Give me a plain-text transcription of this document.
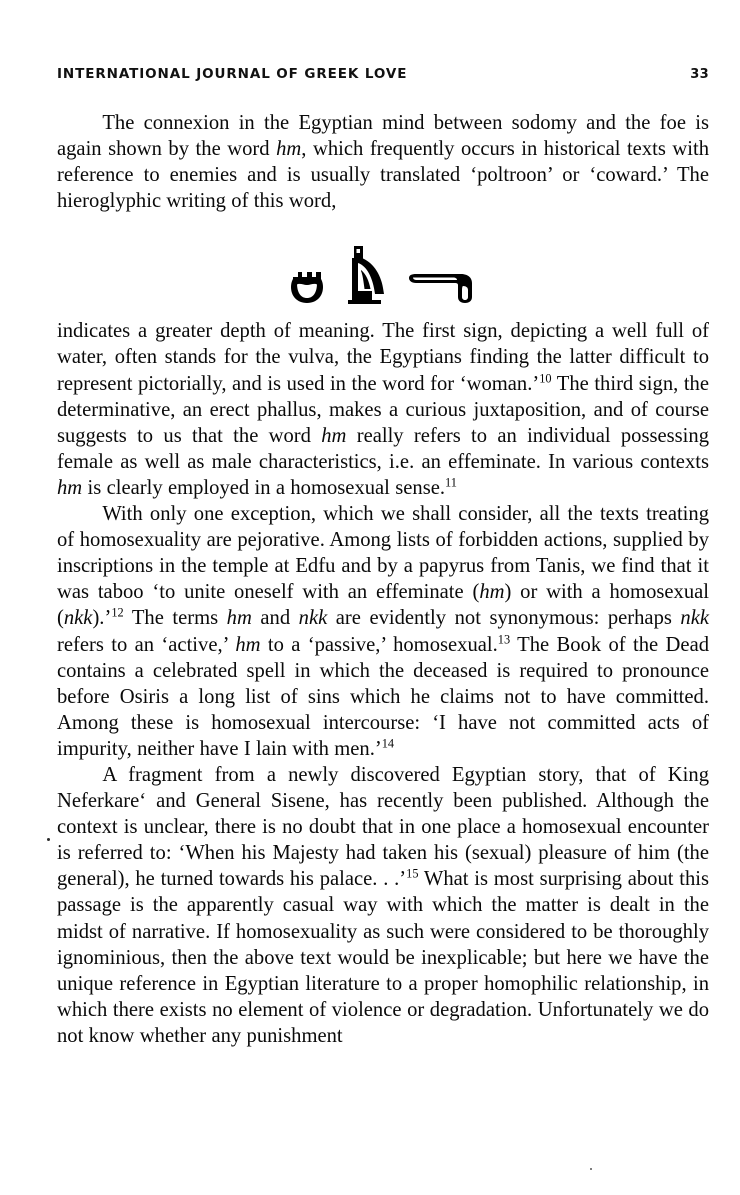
INTERNATIONAL JOURNAL OF GREEK LOVE	33

The connexion in the Egyptian mind between sodomy and the foe is again shown by the word hm, which frequently occurs in historical texts with reference to enemies and is usually translated ‘poltroon’ or ‘coward.’ The hieroglyphic writing of this word,

indicates a greater depth of meaning. The first sign, depicting a well full of water, often stands for the vulva, the Egyptians finding the latter difficult to represent pictorially, and is used in the word for ‘woman.’$^{10}$ The third sign, the determinative, an erect phallus, makes a curious juxtaposition, and of course suggests to us that the word hm really refers to an individual possessing female as well as male characteristics, i.e. an effeminate. In various contexts hm is clearly employed in a homosexual sense.$^{11}$

With only one exception, which we shall consider, all the texts treating of homosexuality are pejorative. Among lists of forbidden actions, supplied by inscriptions in the temple at Edfu and by a papyrus from Tanis, we find that it was taboo ‘to unite oneself with an effeminate (hm) or with a homosexual (nkk).’$^{12}$ The terms hm and nkk are evidently not synonymous: perhaps nkk refers to an ‘active,’ hm to a ‘passive,’ homosexual.$^{13}$ The Book of the Dead contains a celebrated spell in which the deceased is required to pronounce before Osiris a long list of sins which he claims not to have committed. Among these is homosexual intercourse: ‘I have not committed acts of impurity, neither have I lain with men.’$^{14}$

A fragment from a newly discovered Egyptian story, that of King Neferkare‘ and General Sisene, has recently been published. Although the context is unclear, there is no doubt that in one place a homosexual encounter is referred to: ‘When his Majesty had taken his (sexual) pleasure of him (the general), he turned towards his palace. . .’$^{15}$ What is most surprising about this passage is the apparently casual way with which the matter is dealt in the midst of narrative. If homosexuality as such were considered to be thoroughly ignominious, then the above text would be inexplicable; but here we have the unique reference in Egyptian literature to a proper homophilic relationship, in which there exists no element of violence or degradation. Unfortunately we do not know whether any punishment
